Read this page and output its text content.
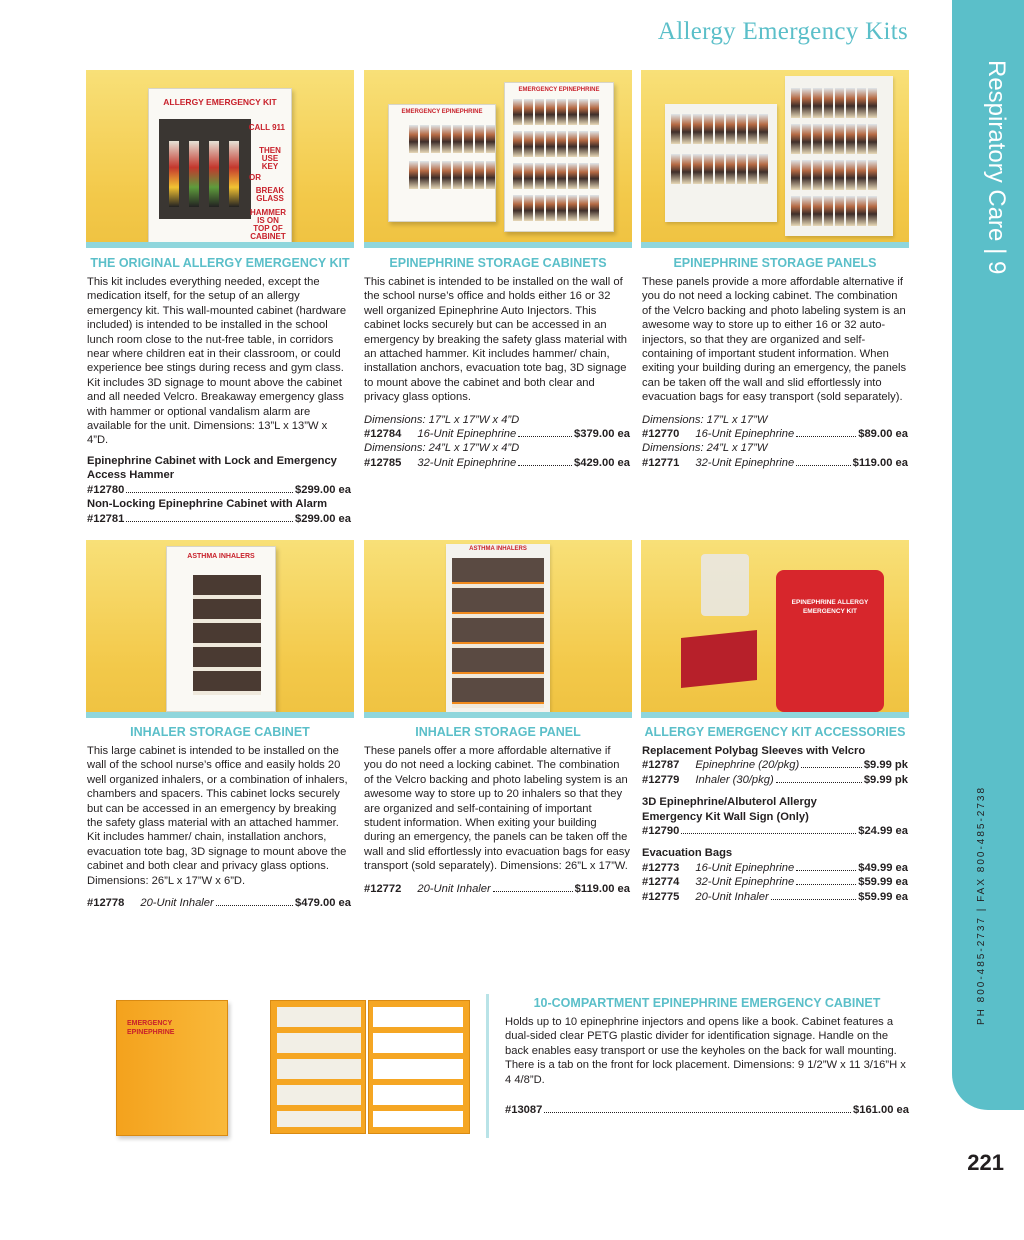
Allergy Emergency Kits
Respiratory Care | 9
PH 800-485-2737 | FAX 800-485-2738
221
ALLERGY EMERGENCY KIT
CALL 911
THEN USE KEY
OR
BREAK GLASS
HAMMER IS ON TOP OF CABINET
EMERGENCY EPINEPHRINE
EMERGENCY EPINEPHRINE
THE ORIGINAL ALLERGY EMERGENCY KIT

This kit includes everything needed, except the medication itself, for the setup of an allergy emergency kit. This wall-mounted cabinet (hardware included) is intended to be installed in the school lunch room close to the nut-free table, in corridors near where children eat in their classroom, or could experience bee stings during recess and gym class. Kit includes 3D signage to mount above the cabinet and all needed Velcro. Breakaway emergency glass with hammer or optional vandalism alarm are available for the unit. Dimensions: 13”L x 13”W x 4”D.

Epinephrine Cabinet with Lock and Emergency Access Hammer

#12780	$299.00 ea

Non-Locking Epinephrine Cabinet with Alarm

#12781	$299.00 ea
EPINEPHRINE STORAGE CABINETS

This cabinet is intended to be installed on the wall of the school nurse’s office and holds either 16 or 32 well organized Epinephrine Auto Injectors. This cabinet locks securely but can be accessed in an emergency by breaking the safety glass material with an attached hammer. Kit includes hammer/ chain, installation anchors, evacuation tote bag, 3D signage to mount above the cabinet and both clear and privacy glass options.

Dimensions: 17”L x 17”W x 4”D

#12784 16-Unit Epinephrine	$379.00 ea

Dimensions: 24”L x 17”W x 4”D

#12785 32-Unit Epinephrine	$429.00 ea
EPINEPHRINE STORAGE PANELS

These panels provide a more affordable alternative if you do not need a locking cabinet. The combination of the Velcro backing and photo labeling system is an awesome way to store up to either 16 or 32 auto-injectors, so that they are organized and self-containing of important student information. When exiting your building during an emergency, the panels can be taken off the wall and slid effortlessly into evacuation bags for easy transport (sold separately).

Dimensions: 17”L x 17”W

#12770 16-Unit Epinephrine	$89.00 ea

Dimensions: 24”L x 17”W

#12771 32-Unit Epinephrine	$119.00 ea
ASTHMA INHALERS
ASTHMA INHALERS
EPINEPHRINE ALLERGY EMERGENCY KIT
INHALER STORAGE CABINET

This large cabinet is intended to be installed on the wall of the school nurse’s office and easily holds 20 well organized inhalers, or a combination of inhalers, chambers and spacers. This cabinet locks securely but can be accessed in an emergency by breaking the safety glass material with an attached hammer. Kit includes hammer/ chain, installation anchors, evacuation tote bag, 3D signage to mount above the cabinet and both clear and privacy glass options. Dimensions: 26”L x 17”W x 6”D.

#12778 20-Unit Inhaler	$479.00 ea
INHALER STORAGE PANEL

These panels offer a more affordable alternative if you do not need a locking cabinet. The combination of the Velcro backing and photo labeling system is an awesome way to store up to 20 inhalers so that they are organized and self-containing of important student information. When exiting your building during an emergency, the panels can be taken off the wall and slid effortlessly into evacuation bags for easy transport (sold separately). Dimensions: 26”L x 17”W.

#12772 20-Unit Inhaler	$119.00 ea
ALLERGY EMERGENCY KIT ACCESSORIES

Replacement Polybag Sleeves with Velcro

#12787 Epinephrine (20/pkg)	$9.99 pk
#12779 Inhaler (30/pkg)	$9.99 pk

3D Epinephrine/Albuterol Allergy Emergency Kit Wall Sign (Only)

#12790	$24.99 ea

Evacuation Bags

#12773 16-Unit Epinephrine	$49.99 ea
#12774 32-Unit Epinephrine	$59.99 ea
#12775 20-Unit Inhaler	$59.99 ea
EMERGENCY EPINEPHRINE
10-COMPARTMENT EPINEPHRINE EMERGENCY CABINET

Holds up to 10 epinephrine injectors and opens like a book. Cabinet features a dual-sided clear PETG plastic divider for identification signage. Handle on the back enables easy transport or use the keyholes on the back for wall mounting. There is a tab on the front for lock placement. Dimensions: 9 1/2”W x 11 3/16”H x 4 4/8”D.

#13087	$161.00 ea
